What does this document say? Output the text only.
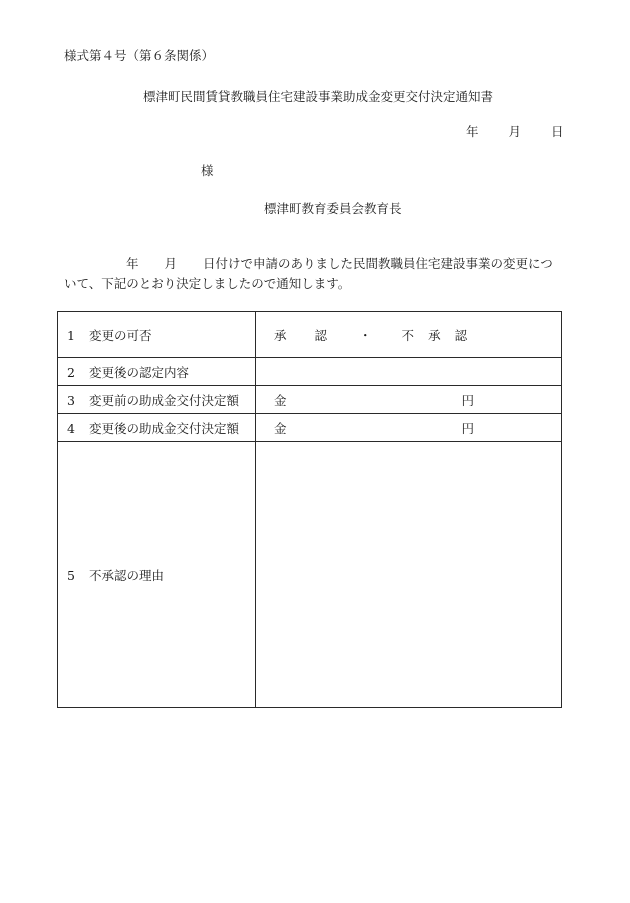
様式第４号（第６条関係）
標津町民間賃貸教職員住宅建設事業助成金変更交付決定通知書
年 月 日
様
標津町教育委員会教育長
年 月 日付けで申請のありました民間教職員住宅建設事業の変更につ
いて、下記のとおり決定しましたので通知します。
1 変更の可否	承 認 ・ 不 承 認

2 変更後の認定内容	
3 変更前の助成金交付決定額	金 円

4 変更後の助成金交付決定額	金 円

5 不承認の理由	
